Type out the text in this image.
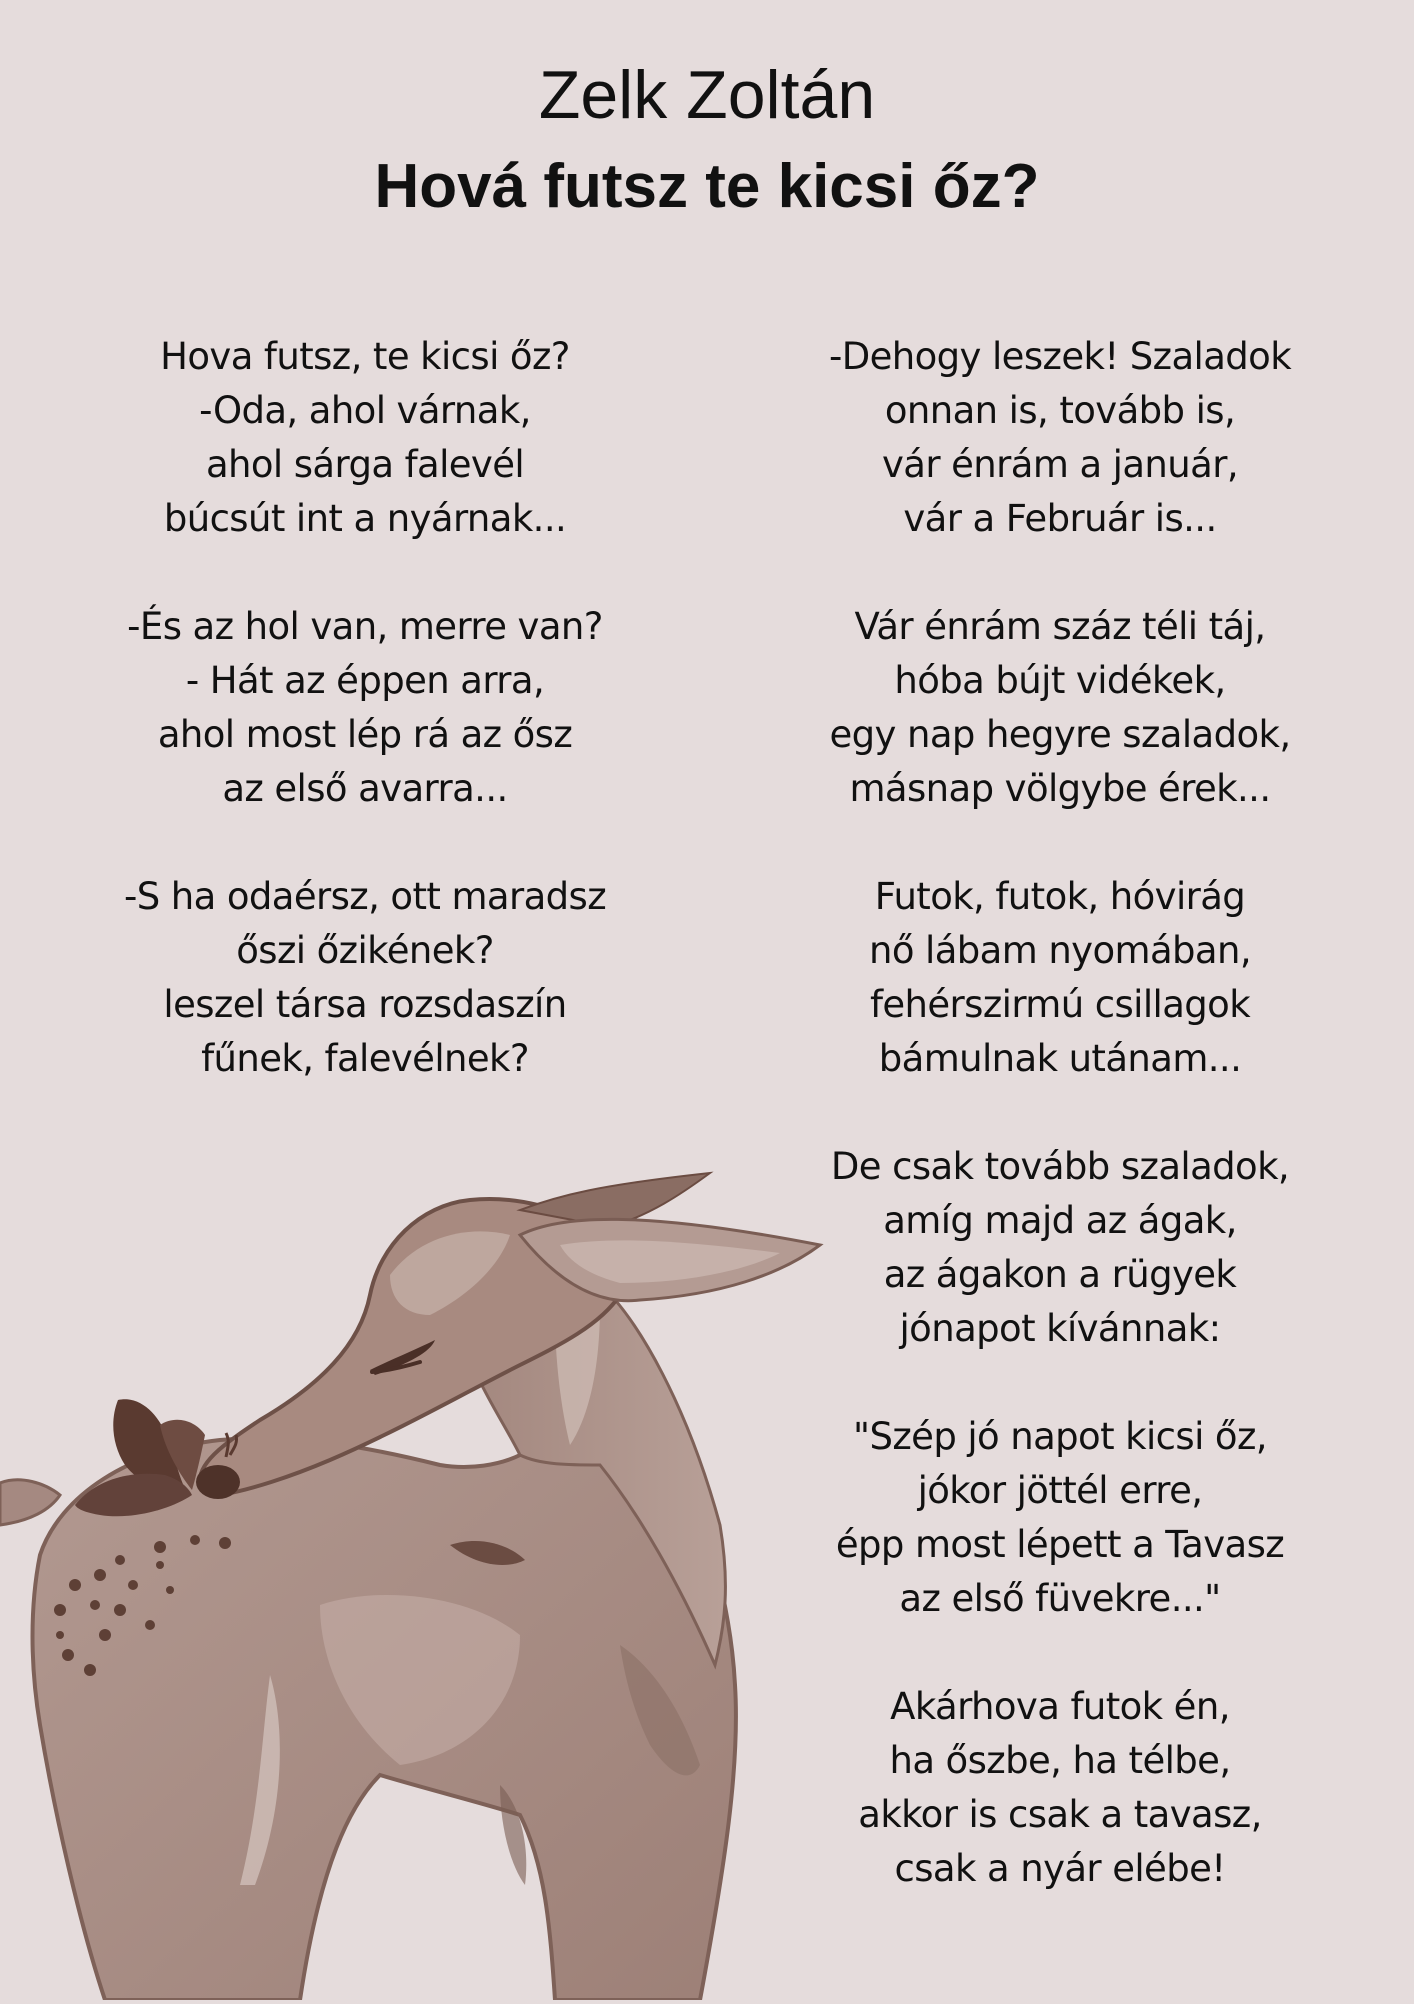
Zelk Zoltán
Hová futsz te kicsi őz?
Hova futsz, te kicsi őz?
-Oda, ahol várnak,
ahol sárga falevél
búcsút int a nyárnak...
-És az hol van, merre van?
- Hát az éppen arra,
ahol most lép rá az ősz
az első avarra...
-S ha odaérsz, ott maradsz
őszi őzikének?
leszel társa rozsdaszín
fűnek, falevélnek?
-Dehogy leszek! Szaladok
onnan is, tovább is,
vár énrám a január,
vár a Február is...
Vár énrám száz téli táj,
hóba bújt vidékek,
egy nap hegyre szaladok,
másnap völgybe érek...
Futok, futok, hóvirág
nő lábam nyomában,
fehérszirmú csillagok
bámulnak utánam...
De csak tovább szaladok,
amíg majd az ágak,
az ágakon a rügyek
jónapot kívánnak:
"Szép jó napot kicsi őz,
jókor jöttél erre,
épp most lépett a Tavasz
az első füvekre..."
Akárhova futok én,
ha őszbe, ha télbe,
akkor is csak a tavasz,
csak a nyár elébe!
